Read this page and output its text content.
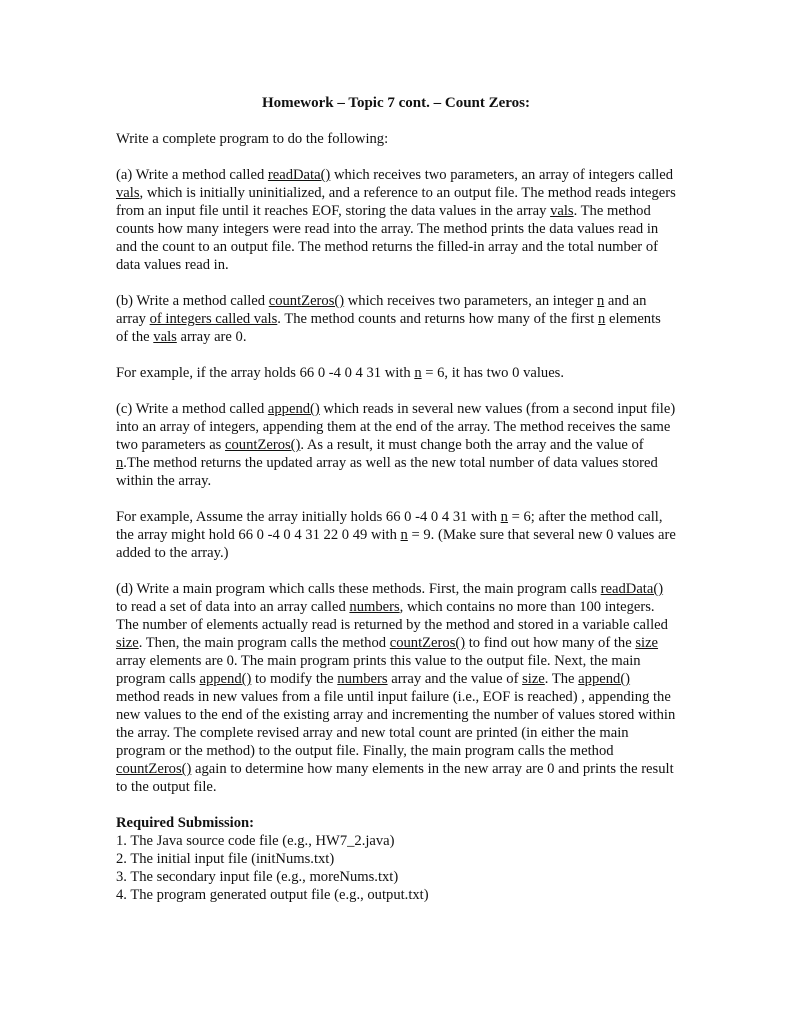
Homework – Topic 7 cont. – Count Zeros:

Write a complete program to do the following:

(a) Write a method called readData() which receives two parameters, an array of integers called vals, which is initially uninitialized, and a reference to an output file. The method reads integers from an input file until it reaches EOF, storing the data values in the array vals. The method counts how many integers were read into the array. The method prints the data values read in and the count to an output file. The method returns the filled-in array and the total number of data values read in.

(b) Write a method called countZeros() which receives two parameters, an integer n and an array of integers called vals. The method counts and returns how many of the first n elements of the vals array are 0.

For example, if the array holds 66 0 -4 0 4 31 with n = 6, it has two 0 values.

(c) Write a method called append() which reads in several new values (from a second input file) into an array of integers, appending them at the end of the array. The method receives the same two parameters as countZeros(). As a result, it must change both the array and the value of n.The method returns the updated array as well as the new total number of data values stored within the array.

For example, Assume the array initially holds 66 0 -4 0 4 31 with n = 6; after the method call, the array might hold 66 0 -4 0 4 31 22 0 49 with n = 9. (Make sure that several new 0 values are added to the array.)

(d) Write a main program which calls these methods. First, the main program calls readData() to read a set of data into an array called numbers, which contains no more than 100 integers. The number of elements actually read is returned by the method and stored in a variable called size. Then, the main program calls the method countZeros() to find out how many of the size array elements are 0. The main program prints this value to the output file. Next, the main program calls append() to modify the numbers array and the value of size. The append() method reads in new values from a file until input failure (i.e., EOF is reached) , appending the new values to the end of the existing array and incrementing the number of values stored within the array. The complete revised array and new total count are printed (in either the main program or the method) to the output file. Finally, the main program calls the method countZeros() again to determine how many elements in the new array are 0 and prints the result to the output file.

Required Submission:
1. The Java source code file (e.g., HW7_2.java)
2. The initial input file (initNums.txt)
3. The secondary input file (e.g., moreNums.txt)
4. The program generated output file (e.g., output.txt)
